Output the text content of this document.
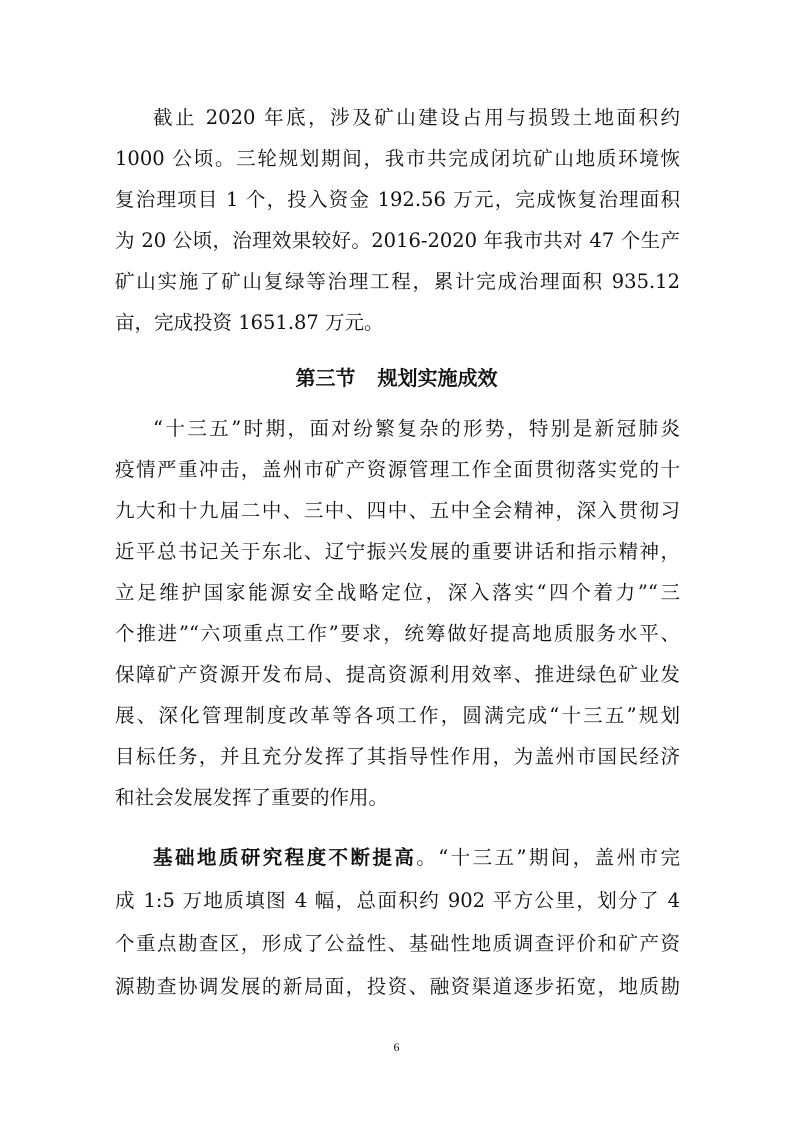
截止 2020 年底，涉及矿山建设占用与损毁土地面积约
1000 公顷。三轮规划期间，我市共完成闭坑矿山地质环境恢
复治理项目 1 个，投入资金 192.56 万元，完成恢复治理面积
为 20 公顷，治理效果较好。2016-2020 年我市共对 47 个生产
矿山实施了矿山复绿等治理工程，累计完成治理面积 935.12
亩，完成投资 1651.87 万元。
第三节 规划实施成效
“十三五”时期，面对纷繁复杂的形势，特别是新冠肺炎
疫情严重冲击，盖州市矿产资源管理工作全面贯彻落实党的十
九大和十九届二中、三中、四中、五中全会精神，深入贯彻习
近平总书记关于东北、辽宁振兴发展的重要讲话和指示精神，
立足维护国家能源安全战略定位，深入落实“四个着力”“三
个推进”“六项重点工作”要求，统筹做好提高地质服务水平、
保障矿产资源开发布局、提高资源利用效率、推进绿色矿业发
展、深化管理制度改革等各项工作，圆满完成“十三五”规划
目标任务，并且充分发挥了其指导性作用，为盖州市国民经济
和社会发展发挥了重要的作用。
基础地质研究程度不断提高。“十三五”期间，盖州市完
成 1:5 万地质填图 4 幅，总面积约 902 平方公里，划分了 4
个重点勘查区，形成了公益性、基础性地质调查评价和矿产资
源勘查协调发展的新局面，投资、融资渠道逐步拓宽，地质勘
6
